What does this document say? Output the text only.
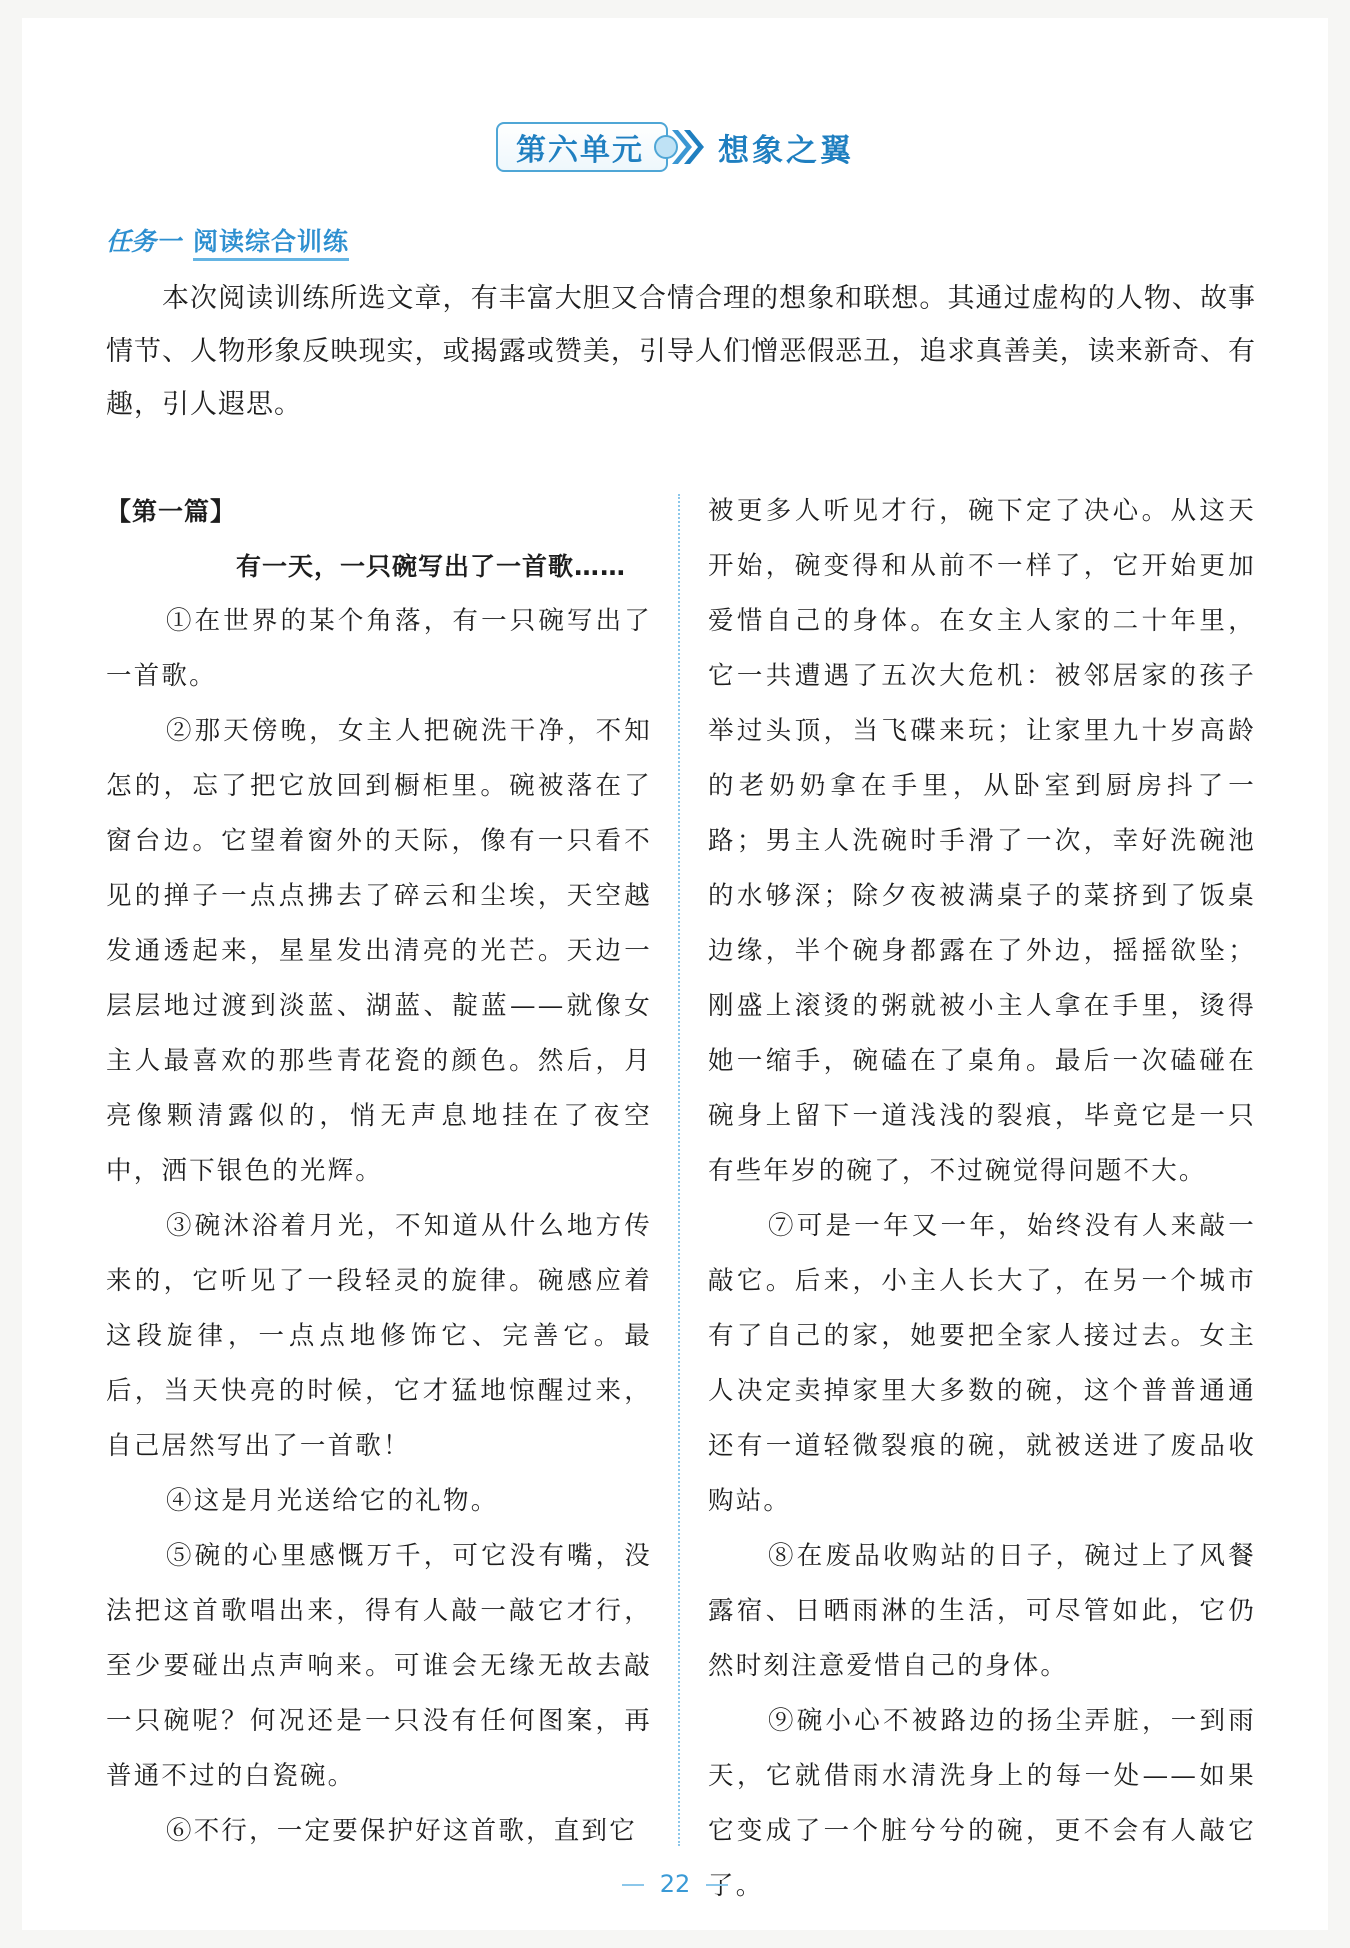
第六单元 想象之翼
任务一 阅读综合训练
本次阅读训练所选文章，有丰富大胆又合情合理的想象和联想。其通过虚构的人物、故事情节、人物形象反映现实，或揭露或赞美，引导人们憎恶假恶丑，追求真善美，读来新奇、有趣，引人遐思。

【第一篇】

有一天，一只碗写出了一首歌……

①在世界的某个角落，有一只碗写出了一首歌。

②那天傍晚，女主人把碗洗干净，不知怎的，忘了把它放回到橱柜里。碗被落在了窗台边。它望着窗外的天际，像有一只看不见的掸子一点点拂去了碎云和尘埃，天空越发通透起来，星星发出清亮的光芒。天边一层层地过渡到淡蓝、湖蓝、靛蓝——就像女主人最喜欢的那些青花瓷的颜色。然后，月亮像颗清露似的，悄无声息地挂在了夜空中，洒下银色的光辉。

③碗沐浴着月光，不知道从什么地方传来的，它听见了一段轻灵的旋律。碗感应着这段旋律，一点点地修饰它、完善它。最后，当天快亮的时候，它才猛地惊醒过来，自己居然写出了一首歌！

④这是月光送给它的礼物。

⑤碗的心里感慨万千，可它没有嘴，没法把这首歌唱出来，得有人敲一敲它才行，至少要碰出点声响来。可谁会无缘无故去敲一只碗呢？何况还是一只没有任何图案，再普通不过的白瓷碗。

⑥不行，一定要保护好这首歌，直到它

被更多人听见才行，碗下定了决心。从这天开始，碗变得和从前不一样了，它开始更加爱惜自己的身体。在女主人家的二十年里，它一共遭遇了五次大危机：被邻居家的孩子举过头顶，当飞碟来玩；让家里九十岁高龄的老奶奶拿在手里，从卧室到厨房抖了一路；男主人洗碗时手滑了一次，幸好洗碗池的水够深；除夕夜被满桌子的菜挤到了饭桌边缘，半个碗身都露在了外边，摇摇欲坠；刚盛上滚烫的粥就被小主人拿在手里，烫得她一缩手，碗磕在了桌角。最后一次磕碰在碗身上留下一道浅浅的裂痕，毕竟它是一只有些年岁的碗了，不过碗觉得问题不大。

⑦可是一年又一年，始终没有人来敲一敲它。后来，小主人长大了，在另一个城市有了自己的家，她要把全家人接过去。女主人决定卖掉家里大多数的碗，这个普普通通还有一道轻微裂痕的碗，就被送进了废品收购站。

⑧在废品收购站的日子，碗过上了风餐露宿、日晒雨淋的生活，可尽管如此，它仍然时刻注意爱惜自己的身体。

⑨碗小心不被路边的扬尘弄脏，一到雨天，它就借雨水清洗身上的每一处——如果它变成了一个脏兮兮的碗，更不会有人敲它了。

22
